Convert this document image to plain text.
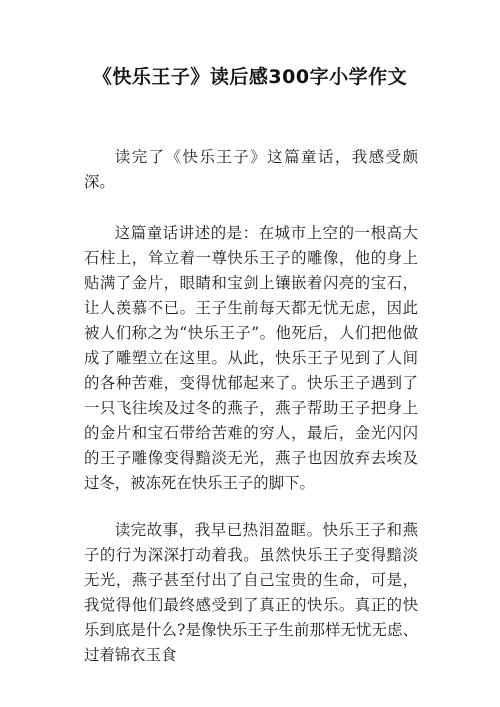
《快乐王子》读后感300字小学作文

读完了《快乐王子》这篇童话，我感受颇深。

这篇童话讲述的是：在城市上空的一根高大石柱上，耸立着一尊快乐王子的雕像，他的身上贴满了金片，眼睛和宝剑上镶嵌着闪亮的宝石，让人羡慕不已。王子生前每天都无忧无虑，因此被人们称之为“快乐王子”。他死后，人们把他做成了雕塑立在这里。从此，快乐王子见到了人间的各种苦难，变得忧郁起来了。快乐王子遇到了一只飞往埃及过冬的燕子，燕子帮助王子把身上的金片和宝石带给苦难的穷人，最后，金光闪闪的王子雕像变得黯淡无光，燕子也因放弃去埃及过冬，被冻死在快乐王子的脚下。

读完故事，我早已热泪盈眶。快乐王子和燕子的行为深深打动着我。虽然快乐王子变得黯淡无光，燕子甚至付出了自己宝贵的生命，可是，我觉得他们最终感受到了真正的快乐。真正的快乐到底是什么?是像快乐王子生前那样无忧无虑、过着锦衣玉食
